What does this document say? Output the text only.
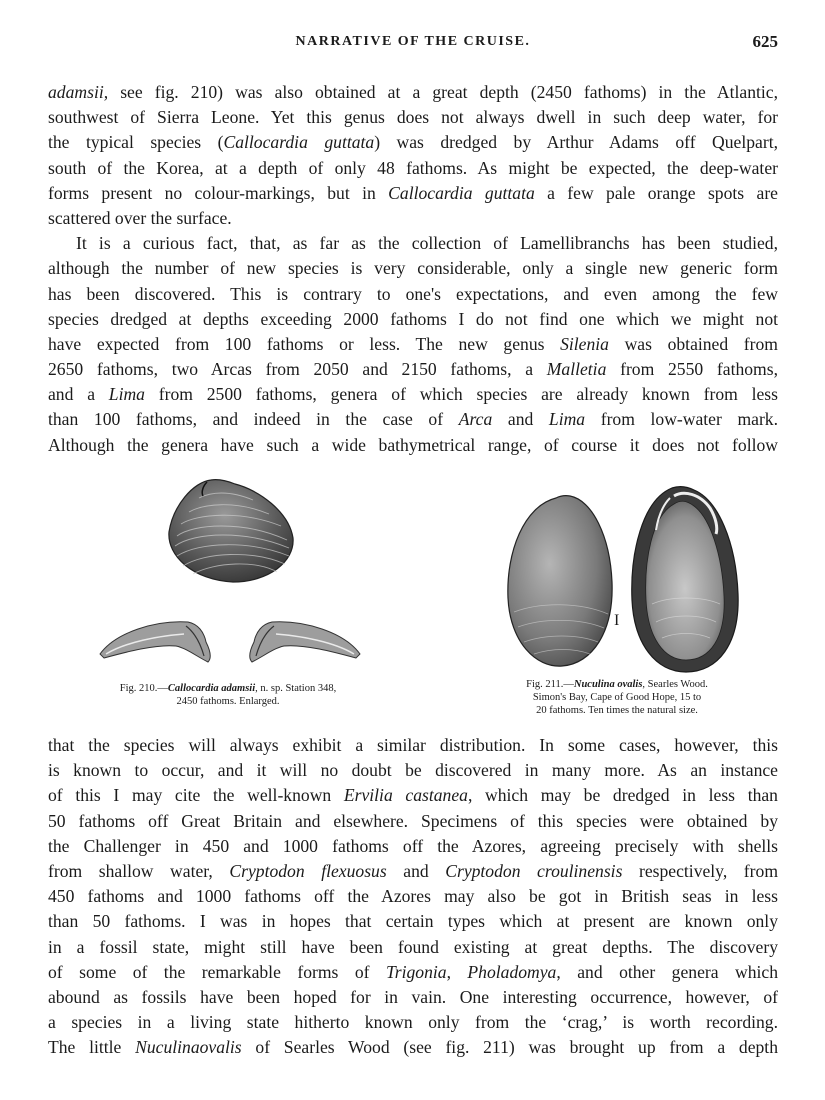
NARRATIVE OF THE CRUISE.	625
adamsii, see fig. 210) was also obtained at a great depth (2450 fathoms) in the Atlantic,
southwest of Sierra Leone. Yet this genus does not always dwell in such deep water, for
the typical species (Callocardia guttata) was dredged by Arthur Adams off Quelpart,
south of the Korea, at a depth of only 48 fathoms. As might be expected, the deep-water
forms present no colour-markings, but in Callocardia guttata a few pale orange spots are
scattered over the surface.
It is a curious fact, that, as far as the collection of Lamellibranchs has been studied,
although the number of new species is very considerable, only a single new generic form
has been discovered. This is contrary to one's expectations, and even among the few
species dredged at depths exceeding 2000 fathoms I do not find one which we might not
have expected from 100 fathoms or less. The new genus Silenia was obtained from
2650 fathoms, two Arcas from 2050 and 2150 fathoms, a Malletia from 2550 fathoms,
and a Lima from 2500 fathoms, genera of which species are already known from less
than 100 fathoms, and indeed in the case of Arca and Lima from low-water mark.
Although the genera have such a wide bathymetrical range, of course it does not follow
I
Fig. 210.—Callocardia adamsii, n. sp. Station 348,
2450 fathoms. Enlarged.
Fig. 211.—Nuculina ovalis, Searles Wood.
Simon's Bay, Cape of Good Hope, 15 to
20 fathoms. Ten times the natural size.
that the species will always exhibit a similar distribution. In some cases, however, this
is known to occur, and it will no doubt be discovered in many more. As an instance
of this I may cite the well-known Ervilia castanea, which may be dredged in less than
50 fathoms off Great Britain and elsewhere. Specimens of this species were obtained by
the Challenger in 450 and 1000 fathoms off the Azores, agreeing precisely with shells
from shallow water, Cryptodon flexuosus and Cryptodon croulinensis respectively, from
450 fathoms and 1000 fathoms off the Azores may also be got in British seas in less
than 50 fathoms. I was in hopes that certain types which at present are known only
in a fossil state, might still have been found existing at great depths. The discovery
of some of the remarkable forms of Trigonia, Pholadomya, and other genera which
abound as fossils have been hoped for in vain. One interesting occurrence, however, of
a species in a living state hitherto known only from the ‘crag,’ is worth recording.
The little Nuculinaovalis of Searles Wood (see fig. 211) was brought up from a depth
